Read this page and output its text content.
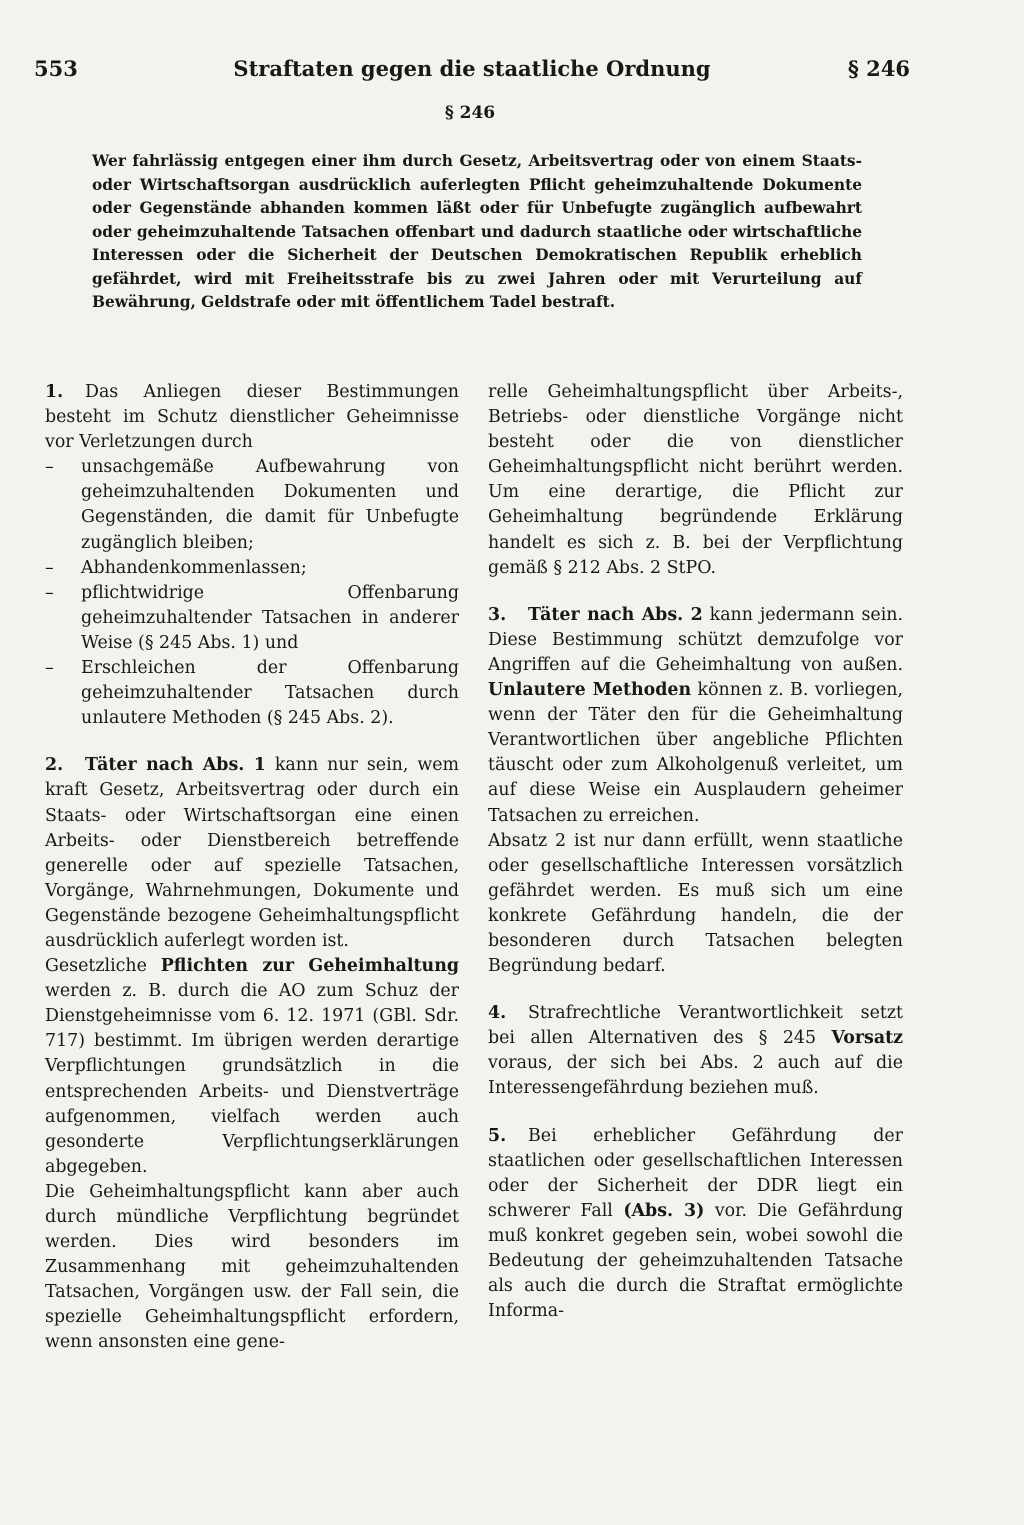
553	Straftaten gegen die staatliche Ordnung	§ 246
§ 246

Wer fahrlässig entgegen einer ihm durch Gesetz, Arbeitsvertrag oder von einem Staats- oder Wirtschaftsorgan ausdrücklich auferlegten Pflicht geheimzuhaltende Dokumente oder Gegenstände abhanden kommen läßt oder für Unbefugte zugänglich aufbewahrt oder geheimzuhaltende Tatsachen offenbart und dadurch staatliche oder wirtschaftliche Interessen oder die Sicherheit der Deutschen Demokratischen Republik erheblich gefährdet, wird mit Freiheitsstrafe bis zu zwei Jahren oder mit Verurteilung auf Bewährung, Geldstrafe oder mit öffentlichem Tadel bestraft.

1. Das Anliegen dieser Bestimmungen besteht im Schutz dienstlicher Geheimnisse vor Verletzungen durch

– unsachgemäße Aufbewahrung von geheimzuhaltenden Dokumenten und Gegenständen, die damit für Unbefugte zugänglich bleiben;
– Abhandenkommenlassen;
– pflichtwidrige Offenbarung geheimzuhaltender Tatsachen in anderer Weise (§ 245 Abs. 1) und
– Erschleichen der Offenbarung geheimzuhaltender Tatsachen durch unlautere Methoden (§ 245 Abs. 2).

2. Täter nach Abs. 1 kann nur sein, wem kraft Gesetz, Arbeitsvertrag oder durch ein Staats- oder Wirtschaftsorgan eine einen Arbeits- oder Dienstbereich betreffende generelle oder auf spezielle Tatsachen, Vorgänge, Wahrnehmungen, Dokumente und Gegenstände bezogene Geheimhaltungspflicht ausdrücklich auferlegt worden ist.

Gesetzliche Pflichten zur Geheimhaltung werden z. B. durch die AO zum Schuz der Dienstgeheimnisse vom 6. 12. 1971 (GBl. Sdr. 717) bestimmt. Im übrigen werden derartige Verpflichtungen grundsätzlich in die entsprechenden Arbeits- und Dienstverträge aufgenommen, vielfach werden auch gesonderte Verpflichtungserklärungen abgegeben.

Die Geheimhaltungspflicht kann aber auch durch mündliche Verpflichtung begründet werden. Dies wird besonders im Zusammenhang mit geheimzuhaltenden Tatsachen, Vorgängen usw. der Fall sein, die spezielle Geheimhaltungspflicht erfordern, wenn ansonsten eine gene-

relle Geheimhaltungspflicht über Arbeits-, Betriebs- oder dienstliche Vorgänge nicht besteht oder die von dienstlicher Geheimhaltungspflicht nicht berührt werden. Um eine derartige, die Pflicht zur Geheimhaltung begründende Erklärung handelt es sich z. B. bei der Verpflichtung gemäß § 212 Abs. 2 StPO.

3. Täter nach Abs. 2 kann jedermann sein. Diese Bestimmung schützt demzufolge vor Angriffen auf die Geheimhaltung von außen. Unlautere Methoden können z. B. vorliegen, wenn der Täter den für die Geheimhaltung Verantwortlichen über angebliche Pflichten täuscht oder zum Alkoholgenuß verleitet, um auf diese Weise ein Ausplaudern geheimer Tatsachen zu erreichen.

Absatz 2 ist nur dann erfüllt, wenn staatliche oder gesellschaftliche Interessen vorsätzlich gefährdet werden. Es muß sich um eine konkrete Gefährdung handeln, die der besonderen durch Tatsachen belegten Begründung bedarf.

4. Strafrechtliche Verantwortlichkeit setzt bei allen Alternativen des § 245 Vorsatz voraus, der sich bei Abs. 2 auch auf die Interessengefährdung beziehen muß.

5. Bei erheblicher Gefährdung der staatlichen oder gesellschaftlichen Interessen oder der Sicherheit der DDR liegt ein schwerer Fall (Abs. 3) vor. Die Gefährdung muß konkret gegeben sein, wobei sowohl die Bedeutung der geheimzuhaltenden Tatsache als auch die durch die Straftat ermöglichte Informa-
